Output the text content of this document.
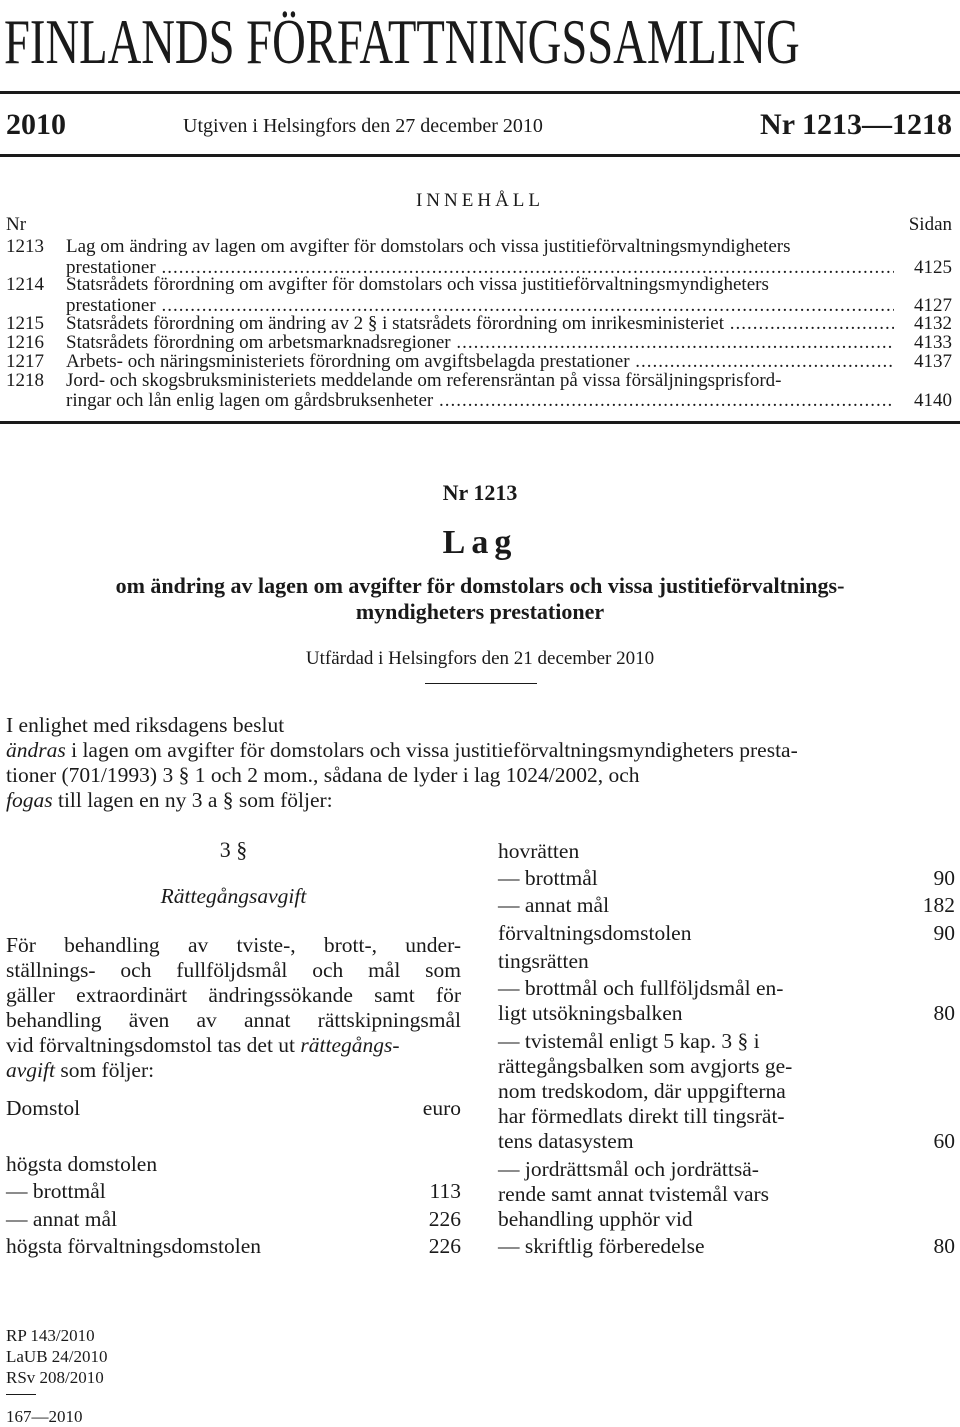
FINLANDS FÖRFATTNINGSSAMLING
2010	Utgiven i Helsingfors den 27 december 2010	Nr 1213—1218
INNEHÅLL
Nr	Sidan
1213 Lag om ändring av lagen om avgifter för domstolars och vissa justitieförvaltningsmyndigheters
prestationer .....	4125
1214 Statsrådets förordning om avgifter för domstolars och vissa justitieförvaltningsmyndigheters
prestationer .....	4127
1215 Statsrådets förordning om ändring av 2 § i statsrådets förordning om inrikesministeriet .....	4132
1216 Statsrådets förordning om arbetsmarknadsregioner .....	4133
1217 Arbets- och näringsministeriets förordning om avgiftsbelagda prestationer .....	4137
1218 Jord- och skogsbruksministeriets meddelande om referensräntan på vissa försäljningsprisford-
ringar och lån enlig lagen om gårdsbruksenheter .....	4140
Nr 1213
Lag
om ändring av lagen om avgifter för domstolars och vissa justitieförvaltnings-
myndigheters prestationer
Utfärdad i Helsingfors den 21 december 2010
I enlighet med riksdagens beslut
ändras i lagen om avgifter för domstolars och vissa justitieförvaltningsmyndigheters presta-
tioner (701/1993) 3 § 1 och 2 mom., sådana de lyder i lag 1024/2002, och
fogas till lagen en ny 3 a § som följer:
3 §
Rättegångsavgift
För behandling av tviste-, brott-, under-
ställnings- och fullföljdsmål och mål som
gäller extraordinärt ändringssökande samt för
behandling även av annat rättskipningsmål
vid förvaltningsdomstol tas det ut rättegångs-
avgift som följer:
Domstol	euro
högsta domstolen
— brottmål	113
— annat mål	226
högsta förvaltningsdomstolen	226
hovrätten
— brottmål	90
— annat mål	182
förvaltningsdomstolen	90
tingsrätten
— brottmål och fullföljdsmål en-
ligt utsökningsbalken	80
— tvistemål enligt 5 kap. 3 § i
rättegångsbalken som avgjorts ge-
nom tredskodom, där uppgifterna
har förmedlats direkt till tingsrät-
tens datasystem	60
— jordrättsmål och jordrättsä-
rende samt annat tvistemål vars
behandling upphör vid
— skriftlig förberedelse	80
RP 143/2010
LaUB 24/2010
RSv 208/2010
167—2010
